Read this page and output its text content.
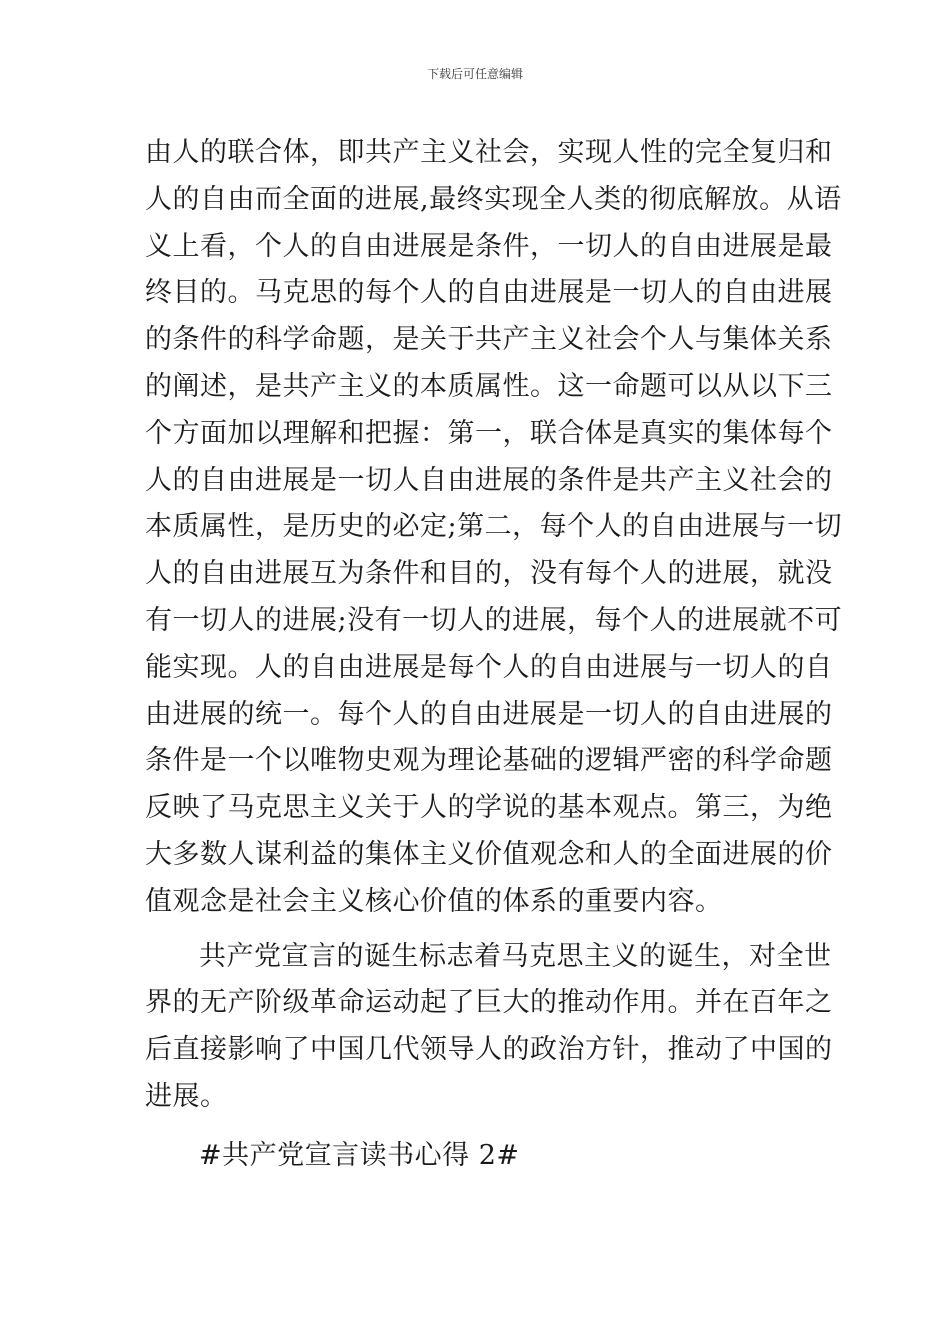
下载后可任意编辑
由人的联合体，即共产主义社会，实现人性的完全复归和
人的自由而全面的进展,最终实现全人类的彻底解放。从语
义上看，个人的自由进展是条件，一切人的自由进展是最
终目的。马克思的每个人的自由进展是一切人的自由进展
的条件的科学命题，是关于共产主义社会个人与集体关系
的阐述，是共产主义的本质属性。这一命题可以从以下三
个方面加以理解和把握：第一，联合体是真实的集体每个
人的自由进展是一切人自由进展的条件是共产主义社会的
本质属性，是历史的必定;第二，每个人的自由进展与一切
人的自由进展互为条件和目的，没有每个人的进展，就没
有一切人的进展;没有一切人的进展，每个人的进展就不可
能实现。人的自由进展是每个人的自由进展与一切人的自
由进展的统一。每个人的自由进展是一切人的自由进展的
条件是一个以唯物史观为理论基础的逻辑严密的科学命题
反映了马克思主义关于人的学说的基本观点。第三，为绝
大多数人谋利益的集体主义价值观念和人的全面进展的价
值观念是社会主义核心价值的体系的重要内容。
共产党宣言的诞生标志着马克思主义的诞生，对全世
界的无产阶级革命运动起了巨大的推动作用。并在百年之
后直接影响了中国几代领导人的政治方针，推动了中国的
进展。
#共产党宣言读书心得 2#
